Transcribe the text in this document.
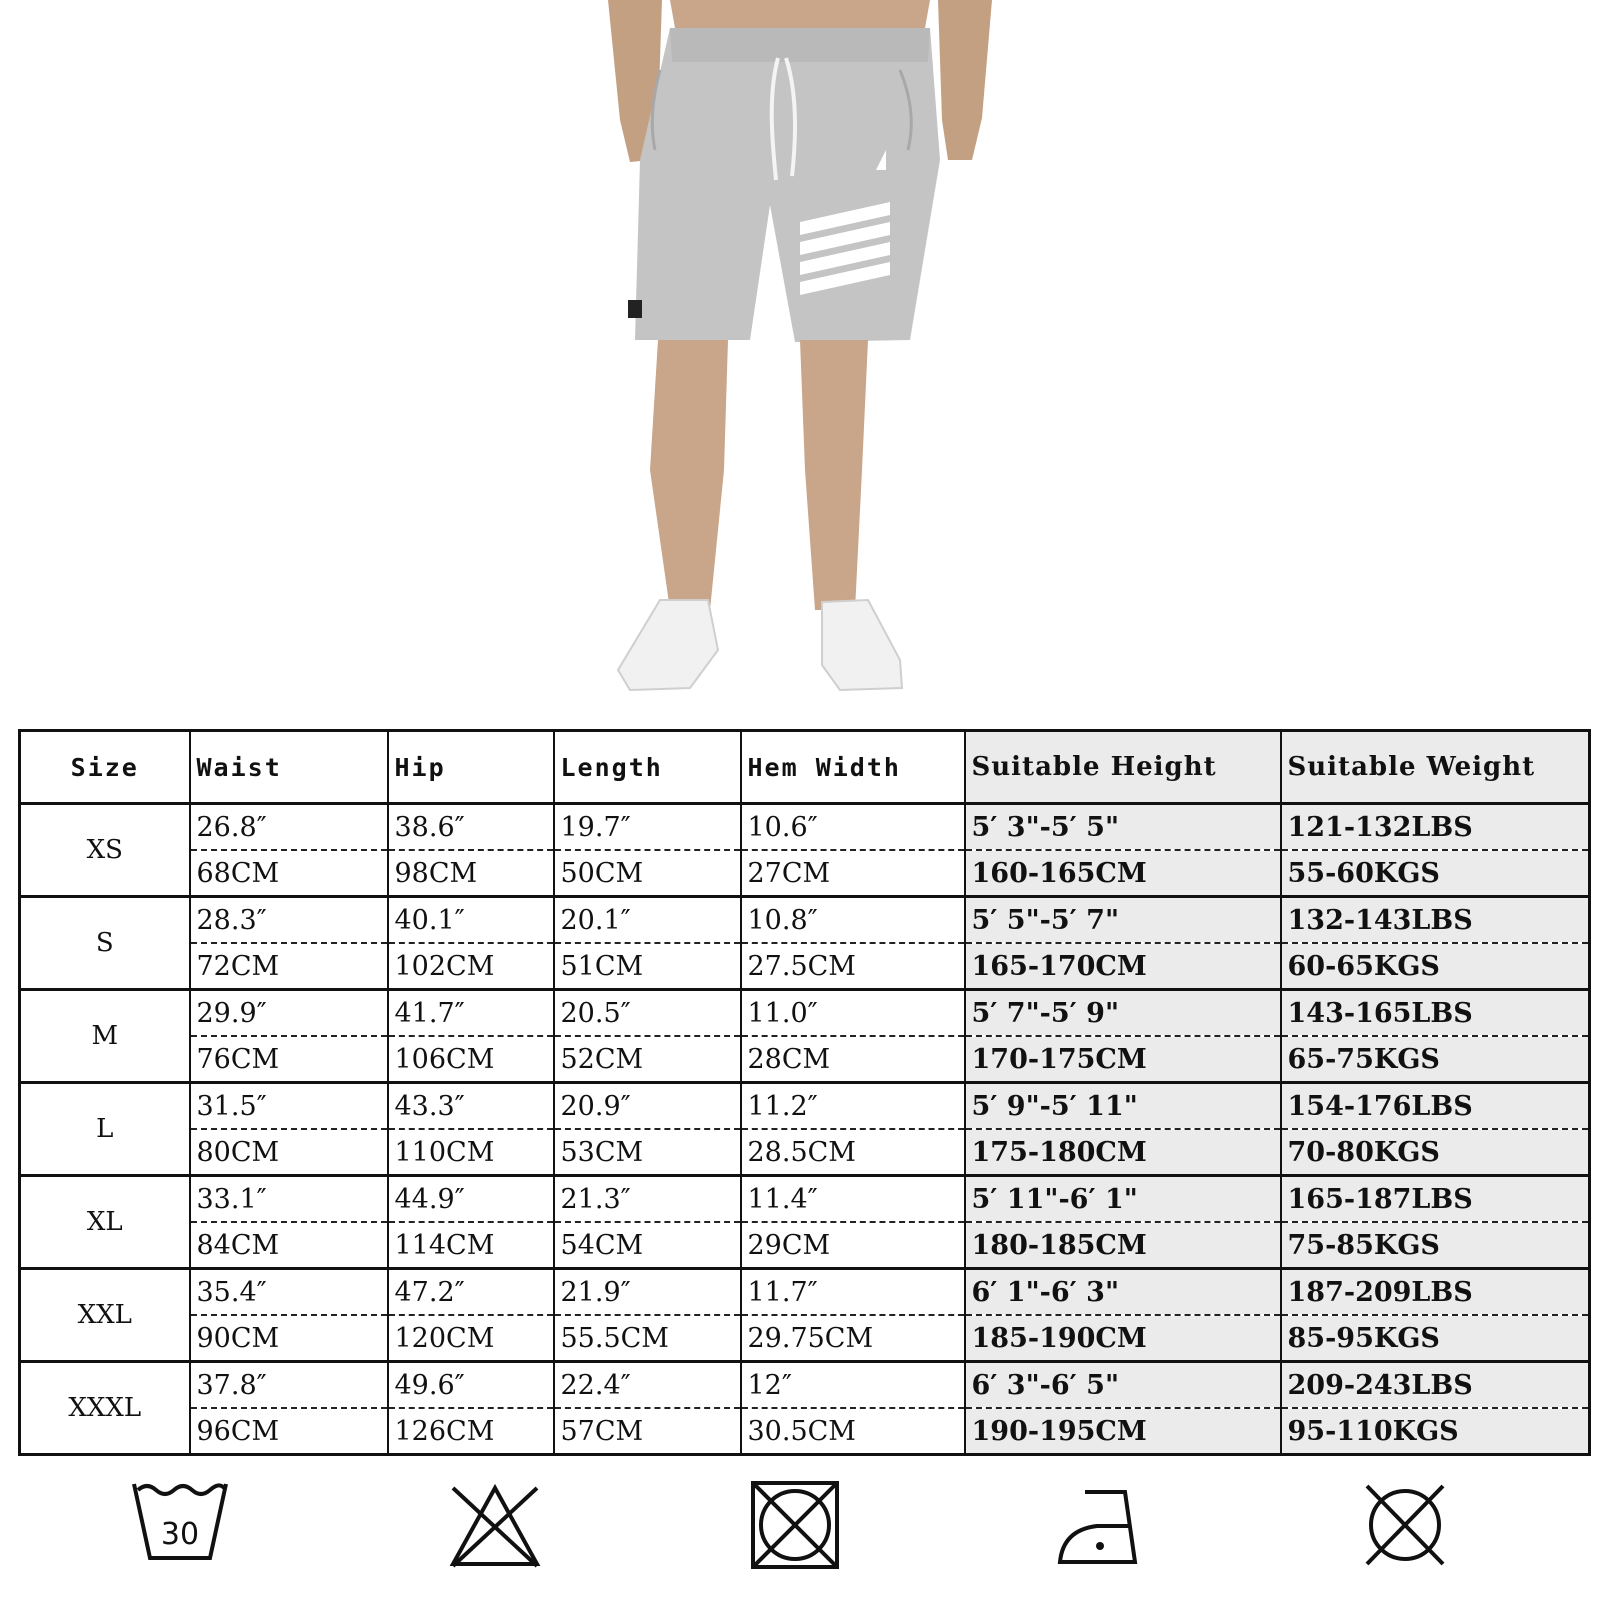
Size	Waist	Hip	Length	Hem Width	Suitable Height	Suitable Weight
XS	26.8″	38.6″	19.7″	10.6″	5′ 3"-5′ 5"	121-132LBS
	68CM	98CM	50CM	27CM	160-165CM	55-60KGS
S	28.3″	40.1″	20.1″	10.8″	5′ 5"-5′ 7"	132-143LBS
	72CM	102CM	51CM	27.5CM	165-170CM	60-65KGS
M	29.9″	41.7″	20.5″	11.0″	5′ 7"-5′ 9"	143-165LBS
	76CM	106CM	52CM	28CM	170-175CM	65-75KGS
L	31.5″	43.3″	20.9″	11.2″	5′ 9"-5′ 11"	154-176LBS
	80CM	110CM	53CM	28.5CM	175-180CM	70-80KGS
XL	33.1″	44.9″	21.3″	11.4″	5′ 11"-6′ 1"	165-187LBS
	84CM	114CM	54CM	29CM	180-185CM	75-85KGS
XXL	35.4″	47.2″	21.9″	11.7″	6′ 1"-6′ 3"	187-209LBS
	90CM	120CM	55.5CM	29.75CM	185-190CM	85-95KGS
XXXL	37.8″	49.6″	22.4″	12″	6′ 3"-6′ 5"	209-243LBS
	96CM	126CM	57CM	30.5CM	190-195CM	95-110KGS
30
